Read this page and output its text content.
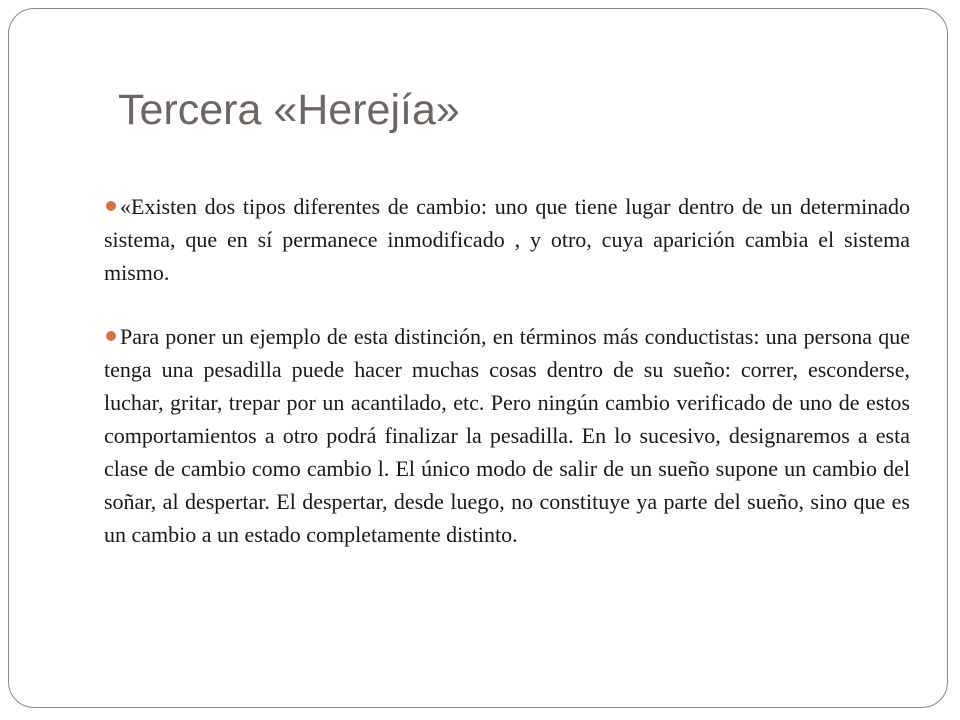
Tercera «Herejía»
«Existen dos tipos diferentes de cambio: uno que tiene lugar dentro de un determinado sistema, que en sí permanece inmodificado , y otro, cuya aparición cambia el sistema mismo.
Para poner un ejemplo de esta distinción, en términos más conductistas: una persona que tenga una pesadilla puede hacer muchas cosas dentro de su sueño: correr, esconderse, luchar, gritar, trepar por un acantilado, etc. Pero ningún cambio verificado de uno de estos comportamientos a otro podrá finalizar la pesadilla. En lo sucesivo, designaremos a esta clase de cambio como cambio l. El único modo de salir de un sueño supone un cambio del soñar, al despertar. El despertar, desde luego, no constituye ya parte del sueño, sino que es un cambio a un estado completamente distinto.
